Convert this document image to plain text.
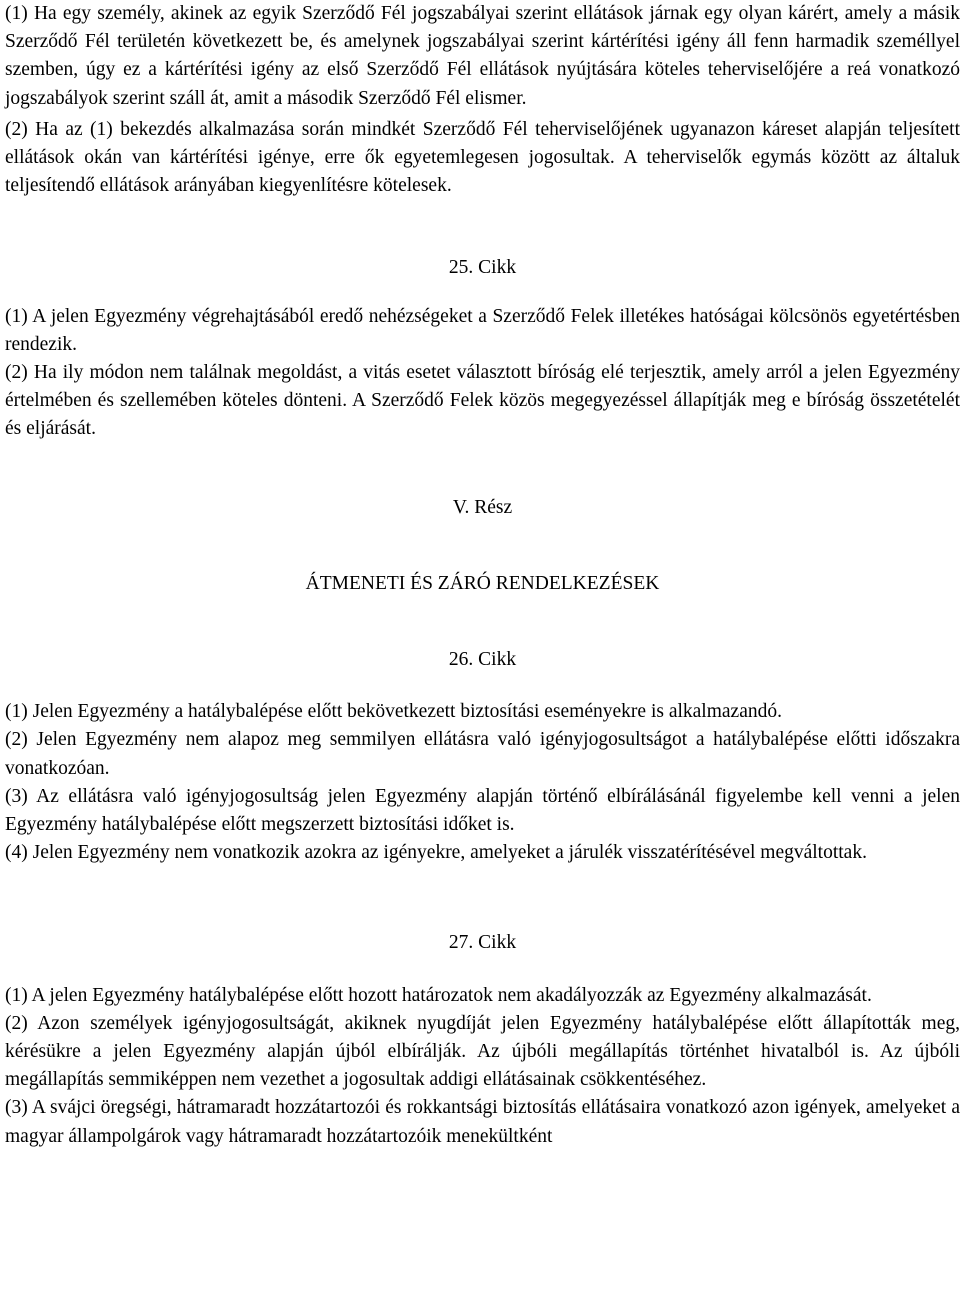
(1) Ha egy személy, akinek az egyik Szerződő Fél jogszabályai szerint ellátások járnak egy olyan kárért, amely a másik Szerződő Fél területén következett be, és amelynek jogszabályai szerint kártérítési igény áll fenn harmadik személlyel szemben, úgy ez a kártérítési igény az első Szerződő Fél ellátások nyújtására köteles teherviselőjére a reá vonatkozó jogszabályok szerint száll át, amit a második Szerződő Fél elismer.

(2) Ha az (1) bekezdés alkalmazása során mindkét Szerződő Fél teherviselőjének ugyanazon káreset alapján teljesített ellátások okán van kártérítési igénye, erre ők egyetemlegesen jogosultak. A teherviselők egymás között az általuk teljesítendő ellátások arányában kiegyenlítésre kötelesek.

25. Cikk

(1) A jelen Egyezmény végrehajtásából eredő nehézségeket a Szerződő Felek illetékes hatóságai kölcsönös egyetértésben rendezik.

(2) Ha ily módon nem találnak megoldást, a vitás esetet választott bíróság elé terjesztik, amely arról a jelen Egyezmény értelmében és szellemében köteles dönteni. A Szerződő Felek közös megegyezéssel állapítják meg e bíróság összetételét és eljárását.

V. Rész

ÁTMENETI ÉS ZÁRÓ RENDELKEZÉSEK

26. Cikk

(1) Jelen Egyezmény a hatálybalépése előtt bekövetkezett biztosítási eseményekre is alkalmazandó.

(2) Jelen Egyezmény nem alapoz meg semmilyen ellátásra való igényjogosultságot a hatálybalépése előtti időszakra vonatkozóan.

(3) Az ellátásra való igényjogosultság jelen Egyezmény alapján történő elbírálásánál figyelembe kell venni a jelen Egyezmény hatálybalépése előtt megszerzett biztosítási időket is.

(4) Jelen Egyezmény nem vonatkozik azokra az igényekre, amelyeket a járulék visszatérítésével megváltottak.

27. Cikk

(1) A jelen Egyezmény hatálybalépése előtt hozott határozatok nem akadályozzák az Egyezmény alkalmazását.

(2) Azon személyek igényjogosultságát, akiknek nyugdíját jelen Egyezmény hatálybalépése előtt állapították meg, kérésükre a jelen Egyezmény alapján újból elbírálják. Az újbóli megállapítás történhet hivatalból is. Az újbóli megállapítás semmiképpen nem vezethet a jogosultak addigi ellátásainak csökkentéséhez.

(3) A svájci öregségi, hátramaradt hozzátartozói és rokkantsági biztosítás ellátásaira vonatkozó azon igények, amelyeket a magyar állampolgárok vagy hátramaradt hozzátartozóik menekültként
